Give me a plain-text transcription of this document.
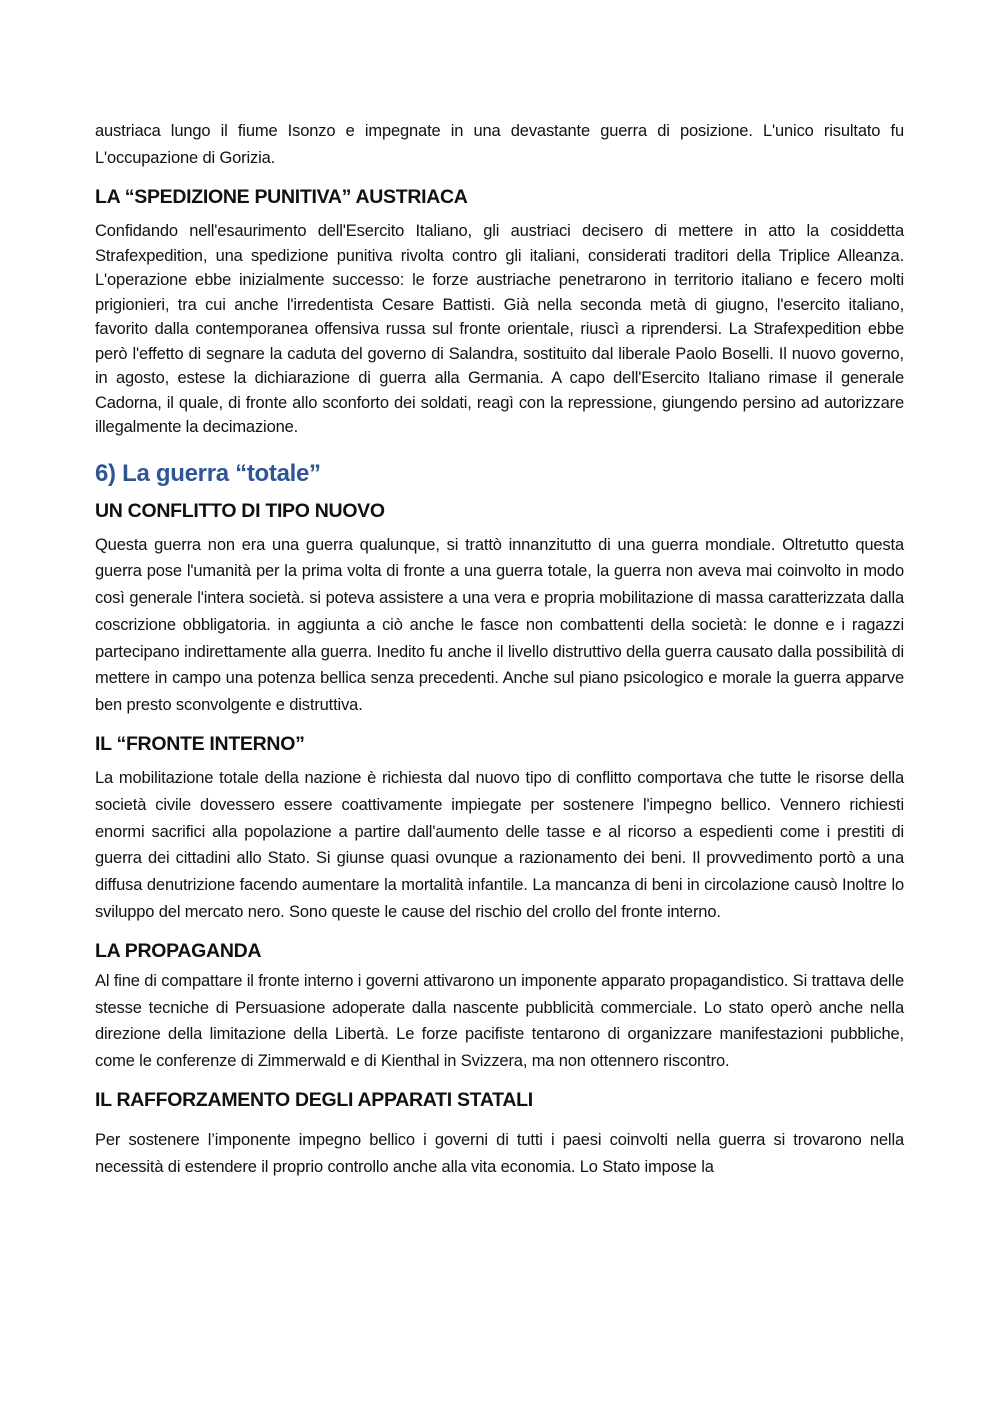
austriaca lungo il fiume Isonzo e impegnate in una devastante guerra di posizione. L'unico risultato fu L'occupazione di Gorizia.

LA “SPEDIZIONE PUNITIVA” AUSTRIACA

Confidando nell'esaurimento dell'Esercito Italiano, gli austriaci decisero di mettere in atto la cosiddetta Strafexpedition, una spedizione punitiva rivolta contro gli italiani, considerati traditori della Triplice Alleanza. L'operazione ebbe inizialmente successo: le forze austriache penetrarono in territorio italiano e fecero molti prigionieri, tra cui anche l'irredentista Cesare Battisti. Già nella seconda metà di giugno, l'esercito italiano, favorito dalla contemporanea offensiva russa sul fronte orientale, riuscì a riprendersi. La Strafexpedition ebbe però l'effetto di segnare la caduta del governo di Salandra, sostituito dal liberale Paolo Boselli. Il nuovo governo, in agosto, estese la dichiarazione di guerra alla Germania. A capo dell'Esercito Italiano rimase il generale Cadorna, il quale, di fronte allo sconforto dei soldati, reagì con la repressione, giungendo persino ad autorizzare illegalmente la decimazione.

6) La guerra “totale”
UN CONFLITTO DI TIPO NUOVO

Questa guerra non era una guerra qualunque, si trattò innanzitutto di una guerra mondiale. Oltretutto questa guerra pose l'umanità per la prima volta di fronte a una guerra totale, la guerra non aveva mai coinvolto in modo così generale l'intera società. si poteva assistere a una vera e propria mobilitazione di massa caratterizzata dalla coscrizione obbligatoria. in aggiunta a ciò anche le fasce non combattenti della società: le donne e i ragazzi partecipano indirettamente alla guerra. Inedito fu anche il livello distruttivo della guerra causato dalla possibilità di mettere in campo una potenza bellica senza precedenti. Anche sul piano psicologico e morale la guerra apparve ben presto sconvolgente e distruttiva.

IL “FRONTE INTERNO”

La mobilitazione totale della nazione è richiesta dal nuovo tipo di conflitto comportava che tutte le risorse della società civile dovessero essere coattivamente impiegate per sostenere l'impegno bellico. Vennero richiesti enormi sacrifici alla popolazione a partire dall'aumento delle tasse e al ricorso a espedienti come i prestiti di guerra dei cittadini allo Stato. Si giunse quasi ovunque a razionamento dei beni. Il provvedimento portò a una diffusa denutrizione facendo aumentare la mortalità infantile. La mancanza di beni in circolazione causò Inoltre lo sviluppo del mercato nero. Sono queste le cause del rischio del crollo del fronte interno.

LA PROPAGANDA

Al fine di compattare il fronte interno i governi attivarono un imponente apparato propagandistico. Si trattava delle stesse tecniche di Persuasione adoperate dalla nascente pubblicità commerciale. Lo stato operò anche nella direzione della limitazione della Libertà. Le forze pacifiste tentarono di organizzare manifestazioni pubbliche, come le conferenze di Zimmerwald e di Kienthal in Svizzera, ma non ottennero riscontro.

IL RAFFORZAMENTO DEGLI APPARATI STATALI

Per sostenere l’imponente impegno bellico i governi di tutti i paesi coinvolti nella guerra si trovarono nella necessità di estendere il proprio controllo anche alla vita economia. Lo Stato impose la
